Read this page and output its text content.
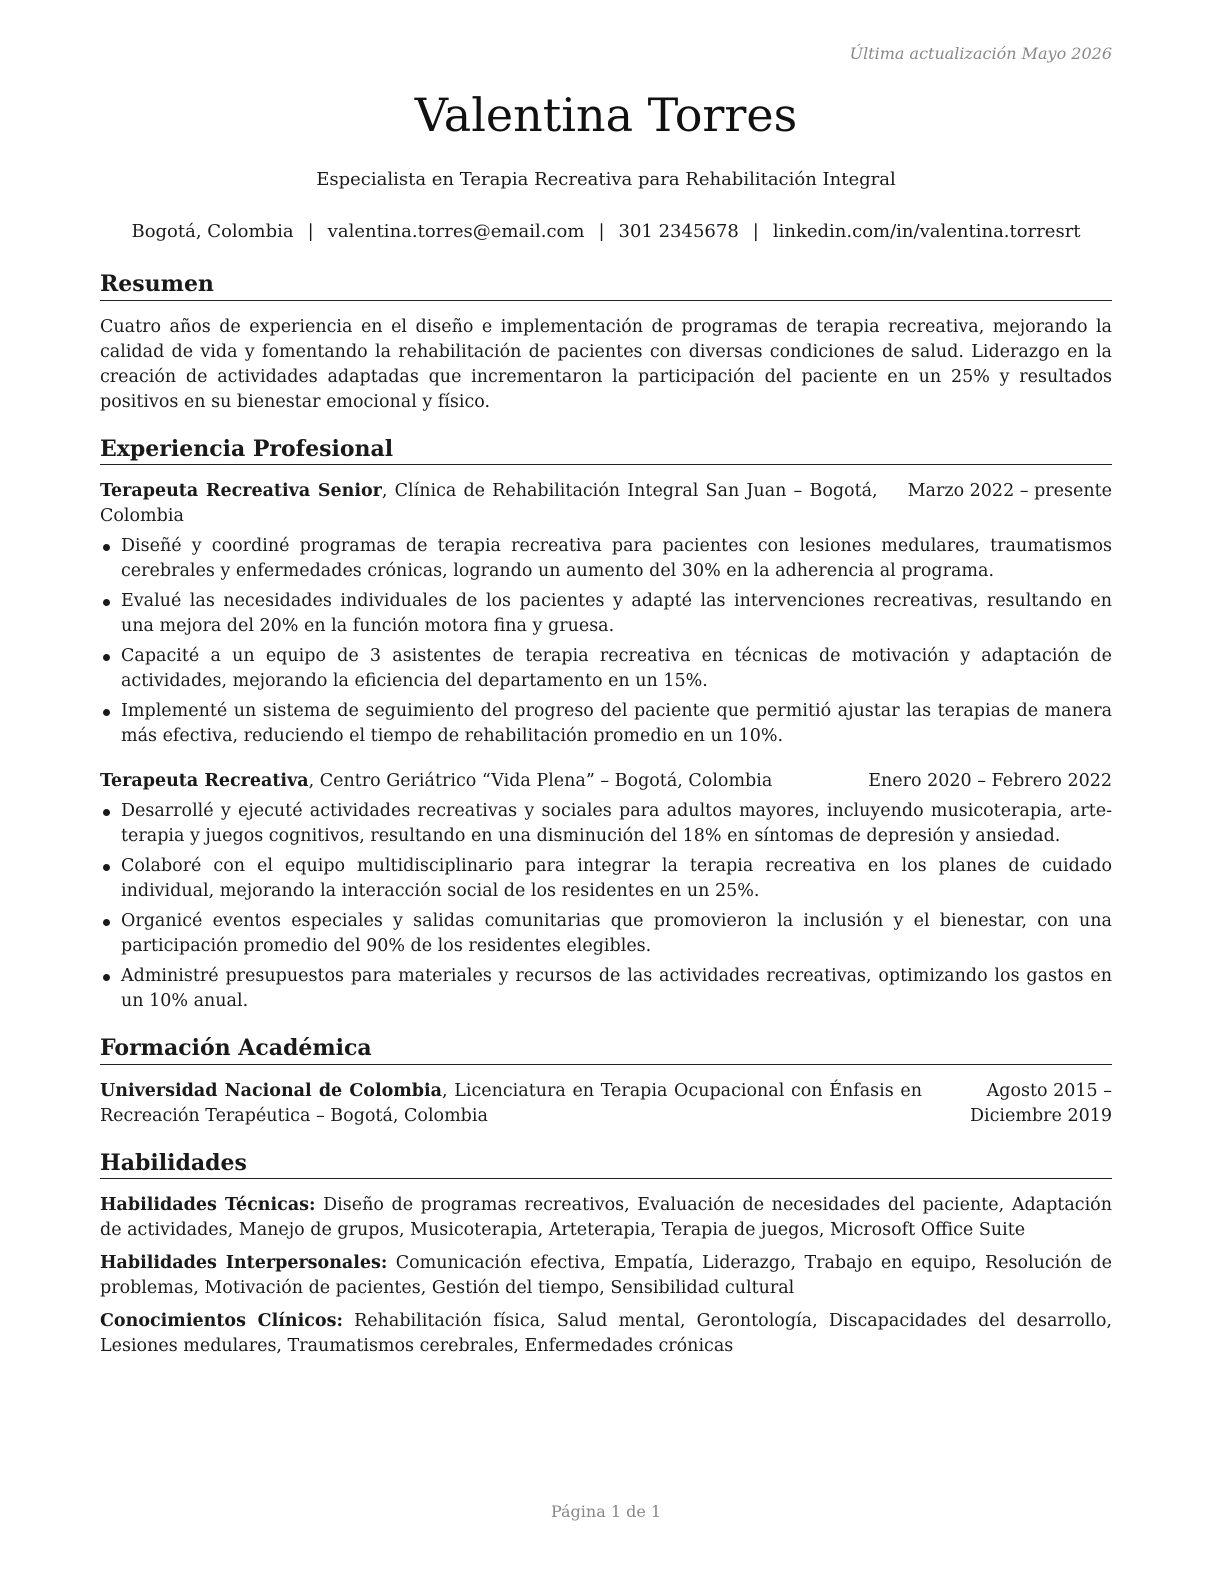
Última actualización Mayo 2026
Valentina Torres
Especialista en Terapia Recreativa para Rehabilitación Integral
Bogotá, Colombia | valentina.torres@email.com | 301 2345678 | linkedin.com/in/valentina.torresrt
Resumen

Cuatro años de experiencia en el diseño e implementación de programas de terapia recreativa, mejorando la calidad de vida y fomentando la rehabilitación de pacientes con diversas condiciones de salud. Liderazgo en la creación de actividades adaptadas que incrementaron la participación del paciente en un 25% y resultados positivos en su bienestar emocional y físico.

Experiencia Profesional
Terapeuta Recreativa Senior, Clínica de Rehabilitación Integral San Juan – Bogotá, Colombia
Marzo 2022 – presente
Diseñé y coordiné programas de terapia recreativa para pacientes con lesiones medulares, traumatismos cerebrales y enfermedades crónicas, logrando un aumento del 30% en la adherencia al programa.
Evalué las necesidades individuales de los pacientes y adapté las intervenciones recreativas, resultando en una mejora del 20% en la función motora fina y gruesa.
Capacité a un equipo de 3 asistentes de terapia recreativa en técnicas de motivación y adaptación de actividades, mejorando la eficiencia del departamento en un 15%.
Implementé un sistema de seguimiento del progreso del paciente que permitió ajustar las terapias de manera más efectiva, reduciendo el tiempo de rehabilitación promedio en un 10%.
Terapeuta Recreativa, Centro Geriátrico “Vida Plena” – Bogotá, Colombia	Enero 2020 – Febrero 2022
Desarrollé y ejecuté actividades recreativas y sociales para adultos mayores, incluyendo musicoterapia, arte-terapia y juegos cognitivos, resultando en una disminución del 18% en síntomas de depresión y ansiedad.
Colaboré con el equipo multidisciplinario para integrar la terapia recreativa en los planes de cuidado individual, mejorando la interacción social de los residentes en un 25%.
Organicé eventos especiales y salidas comunitarias que promovieron la inclusión y el bienestar, con una participación promedio del 90% de los residentes elegibles.
Administré presupuestos para materiales y recursos de las actividades recreativas, optimizando los gastos en un 10% anual.
Formación Académica
Universidad Nacional de Colombia, Licenciatura en Terapia Ocupacional con Énfasis en Recreación Terapéutica – Bogotá, Colombia
Agosto 2015 – Diciembre 2019
Habilidades
Habilidades Técnicas: Diseño de programas recreativos, Evaluación de necesidades del paciente, Adaptación de actividades, Manejo de grupos, Musicoterapia, Arteterapia, Terapia de juegos, Microsoft Office Suite
Habilidades Interpersonales: Comunicación efectiva, Empatía, Liderazgo, Trabajo en equipo, Resolución de problemas, Motivación de pacientes, Gestión del tiempo, Sensibilidad cultural
Conocimientos Clínicos: Rehabilitación física, Salud mental, Gerontología, Discapacidades del desarrollo, Lesiones medulares, Traumatismos cerebrales, Enfermedades crónicas
Página 1 de 1
